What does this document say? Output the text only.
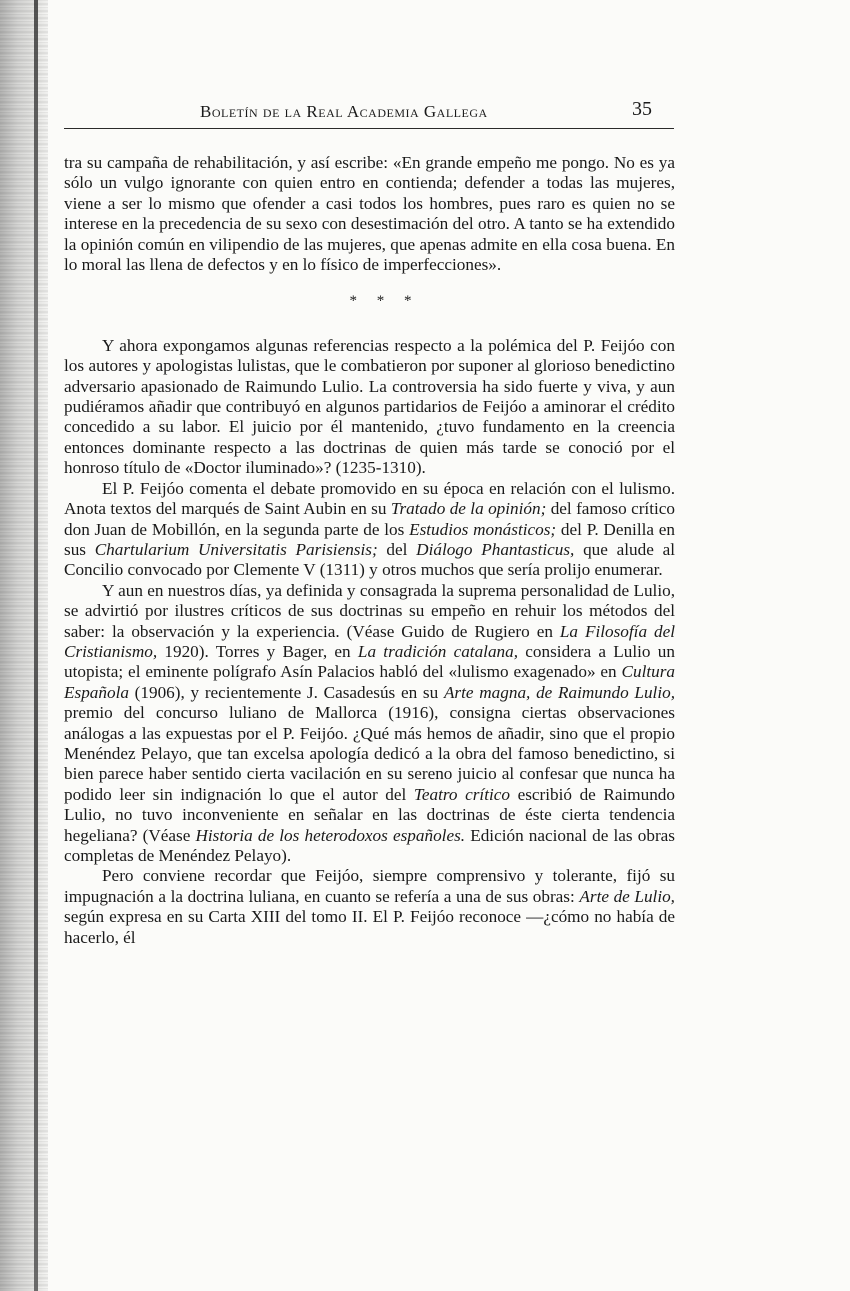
Boletín de la Real Academia Gallega	35

tra su campaña de rehabilitación, y así escribe: «En grande empeño me pongo. No es ya sólo un vulgo ignorante con quien entro en contienda; defender a todas las mujeres, viene a ser lo mismo que ofender a casi todos los hombres, pues raro es quien no se interese en la precedencia de su sexo con desestimación del otro. A tanto se ha extendido la opinión común en vilipendio de las mujeres, que apenas admite en ella cosa buena. En lo moral las llena de defectos y en lo físico de imperfecciones».

* * *

Y ahora expongamos algunas referencias respecto a la polémica del P. Feijóo con los autores y apologistas lulistas, que le combatieron por suponer al glorioso benedictino adversario apasionado de Raimundo Lulio. La controversia ha sido fuerte y viva, y aun pudiéramos añadir que contribuyó en algunos partidarios de Feijóo a aminorar el crédito concedido a su labor. El juicio por él mantenido, ¿tuvo fundamento en la creencia entonces dominante respecto a las doctrinas de quien más tarde se conoció por el honroso título de «Doctor iluminado»? (1235-1310).

El P. Feijóo comenta el debate promovido en su época en relación con el lulismo. Anota textos del marqués de Saint Aubin en su Tratado de la opinión; del famoso crítico don Juan de Mobillón, en la segunda parte de los Estudios monásticos; del P. Denilla en sus Chartularium Universitatis Parisiensis; del Diálogo Phantasticus, que alude al Concilio convocado por Clemente V (1311) y otros muchos que sería prolijo enumerar.

Y aun en nuestros días, ya definida y consagrada la suprema personalidad de Lulio, se advirtió por ilustres críticos de sus doctrinas su empeño en rehuir los métodos del saber: la observación y la experiencia. (Véase Guido de Rugiero en La Filosofía del Cristianismo, 1920). Torres y Bager, en La tradición catalana, considera a Lulio un utopista; el eminente polígrafo Asín Palacios habló del «lulismo exagenado» en Cultura Española (1906), y recientemente J. Casadesús en su Arte magna, de Raimundo Lulio, premio del concurso luliano de Mallorca (1916), consigna ciertas observaciones análogas a las expuestas por el P. Feijóo. ¿Qué más hemos de añadir, sino que el propio Menéndez Pelayo, que tan excelsa apología dedicó a la obra del famoso benedictino, si bien parece haber sentido cierta vacilación en su sereno juicio al confesar que nunca ha podido leer sin indignación lo que el autor del Teatro crítico escribió de Raimundo Lulio, no tuvo inconveniente en señalar en las doctrinas de éste cierta tendencia hegeliana? (Véase Historia de los heterodoxos españoles. Edición nacional de las obras completas de Menéndez Pelayo).

Pero conviene recordar que Feijóo, siempre comprensivo y tolerante, fijó su impugnación a la doctrina luliana, en cuanto se refería a una de sus obras: Arte de Lulio, según expresa en su Carta XIII del tomo II. El P. Feijóo reconoce —¿cómo no había de hacerlo, él
